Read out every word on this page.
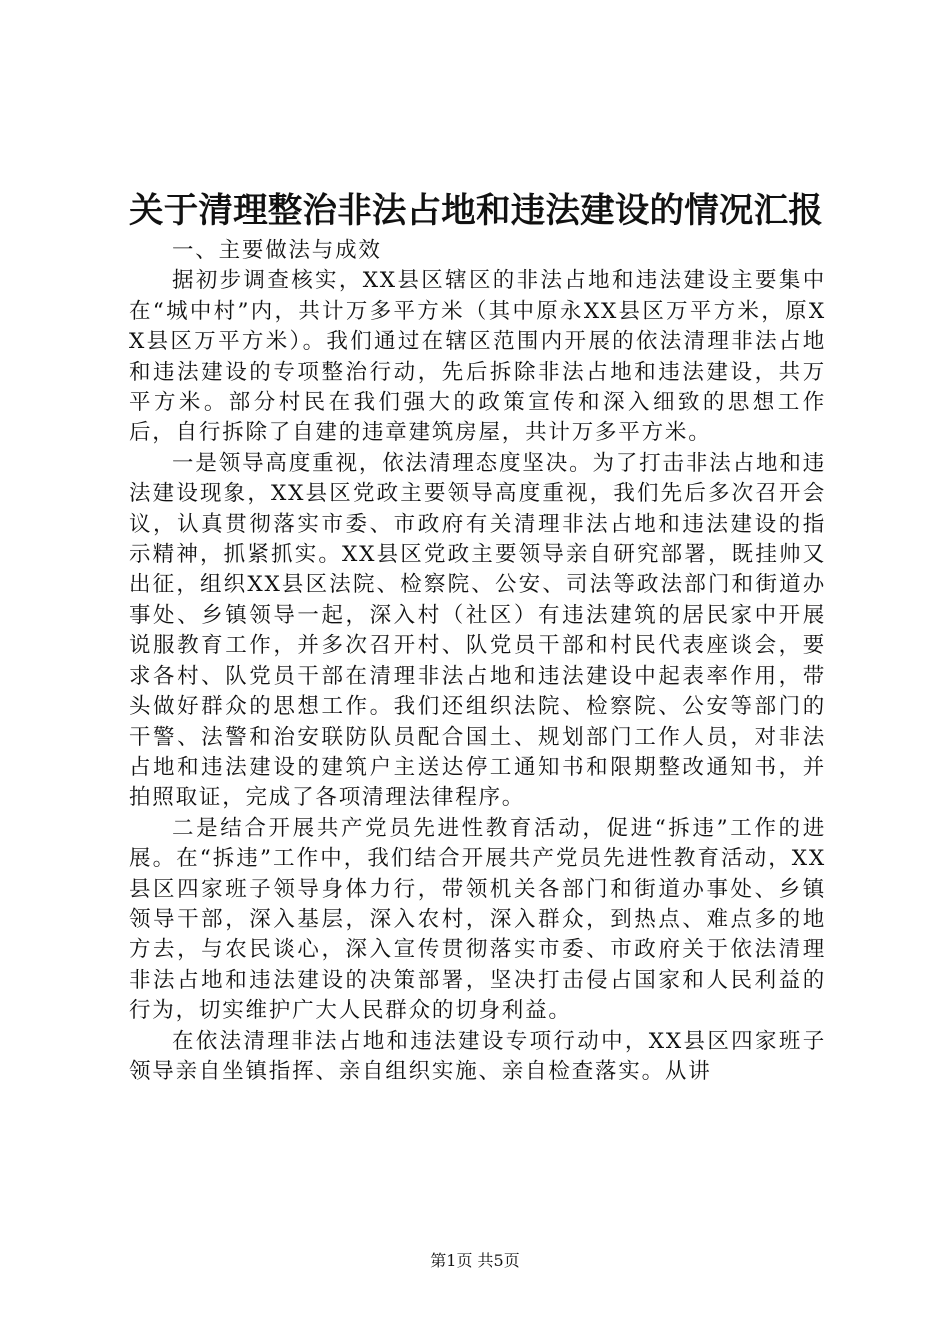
关于清理整治非法占地和违法建设的情况汇报

一、主要做法与成效

据初步调查核实，XX县区辖区的非法占地和违法建设主要集中在“城中村”内，共计万多平方米（其中原永XX县区万平方米，原XX县区万平方米）。我们通过在辖区范围内开展的依法清理非法占地和违法建设的专项整治行动，先后拆除非法占地和违法建设，共万平方米。部分村民在我们强大的政策宣传和深入细致的思想工作后，自行拆除了自建的违章建筑房屋，共计万多平方米。

一是领导高度重视，依法清理态度坚决。为了打击非法占地和违法建设现象，XX县区党政主要领导高度重视，我们先后多次召开会议，认真贯彻落实市委、市政府有关清理非法占地和违法建设的指示精神，抓紧抓实。XX县区党政主要领导亲自研究部署，既挂帅又出征，组织XX县区法院、检察院、公安、司法等政法部门和街道办事处、乡镇领导一起，深入村（社区）有违法建筑的居民家中开展说服教育工作，并多次召开村、队党员干部和村民代表座谈会，要求各村、队党员干部在清理非法占地和违法建设中起表率作用，带头做好群众的思想工作。我们还组织法院、检察院、公安等部门的干警、法警和治安联防队员配合国土、规划部门工作人员，对非法占地和违法建设的建筑户主送达停工通知书和限期整改通知书，并拍照取证，完成了各项清理法律程序。

二是结合开展共产党员先进性教育活动，促进“拆违”工作的进展。在“拆违”工作中，我们结合开展共产党员先进性教育活动，XX县区四家班子领导身体力行，带领机关各部门和街道办事处、乡镇领导干部，深入基层，深入农村，深入群众，到热点、难点多的地方去，与农民谈心，深入宣传贯彻落实市委、市政府关于依法清理非法占地和违法建设的决策部署，坚决打击侵占国家和人民利益的行为，切实维护广大人民群众的切身利益。

在依法清理非法占地和违法建设专项行动中，XX县区四家班子领导亲自坐镇指挥、亲自组织实施、亲自检查落实。从讲

第1页 共5页
